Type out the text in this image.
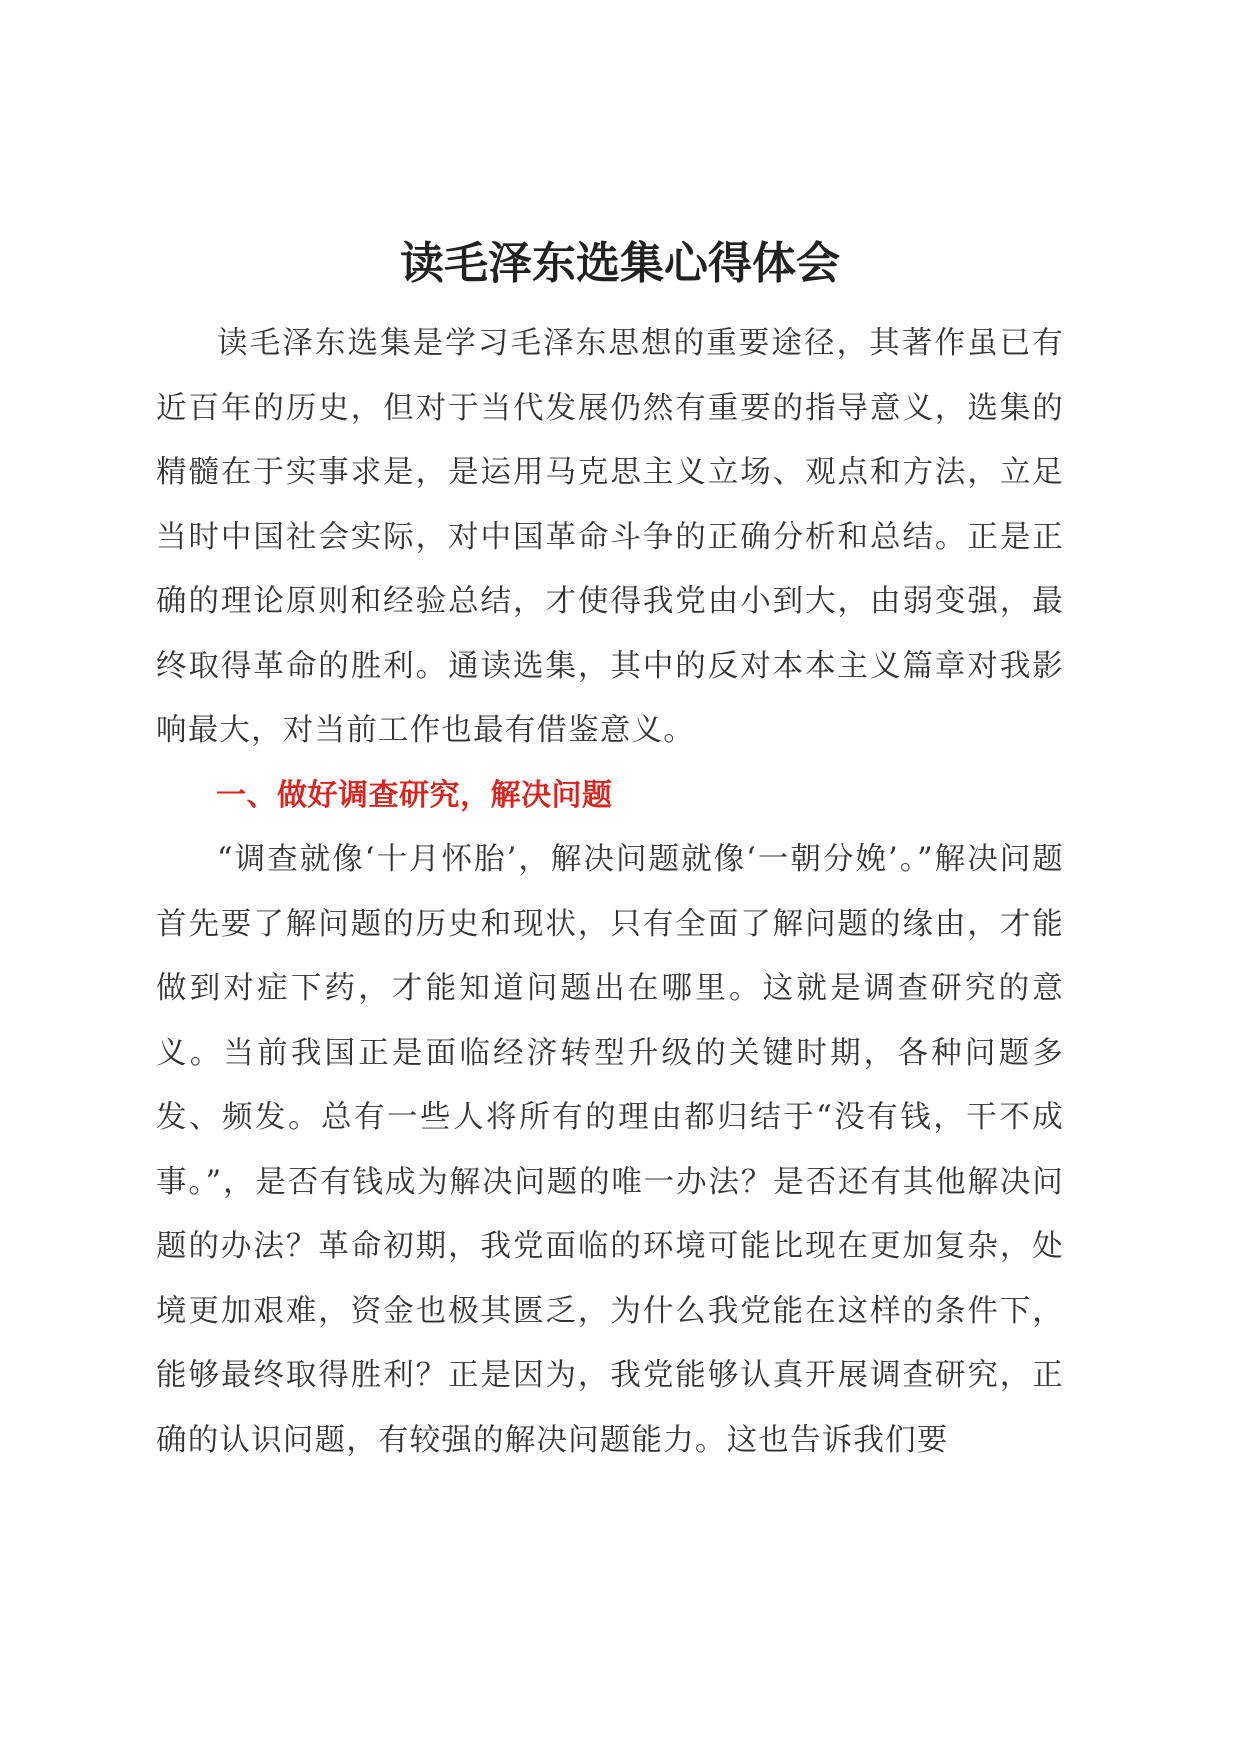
读毛泽东选集心得体会

读毛泽东选集是学习毛泽东思想的重要途径，其著作虽已有近百年的历史，但对于当代发展仍然有重要的指导意义，选集的精髓在于实事求是，是运用马克思主义立场、观点和方法，立足当时中国社会实际，对中国革命斗争的正确分析和总结。正是正确的理论原则和经验总结，才使得我党由小到大，由弱变强，最终取得革命的胜利。通读选集，其中的反对本本主义篇章对我影响最大，对当前工作也最有借鉴意义。

一、做好调查研究，解决问题

“调查就像‘十月怀胎’，解决问题就像‘一朝分娩’。”解决问题首先要了解问题的历史和现状，只有全面了解问题的缘由，才能做到对症下药，才能知道问题出在哪里。这就是调查研究的意义。当前我国正是面临经济转型升级的关键时期，各种问题多发、频发。总有一些人将所有的理由都归结于“没有钱，干不成事。”，是否有钱成为解决问题的唯一办法？是否还有其他解决问题的办法？革命初期，我党面临的环境可能比现在更加复杂，处境更加艰难，资金也极其匮乏，为什么我党能在这样的条件下，能够最终取得胜利？正是因为，我党能够认真开展调查研究，正确的认识问题，有较强的解决问题能力。这也告诉我们要
